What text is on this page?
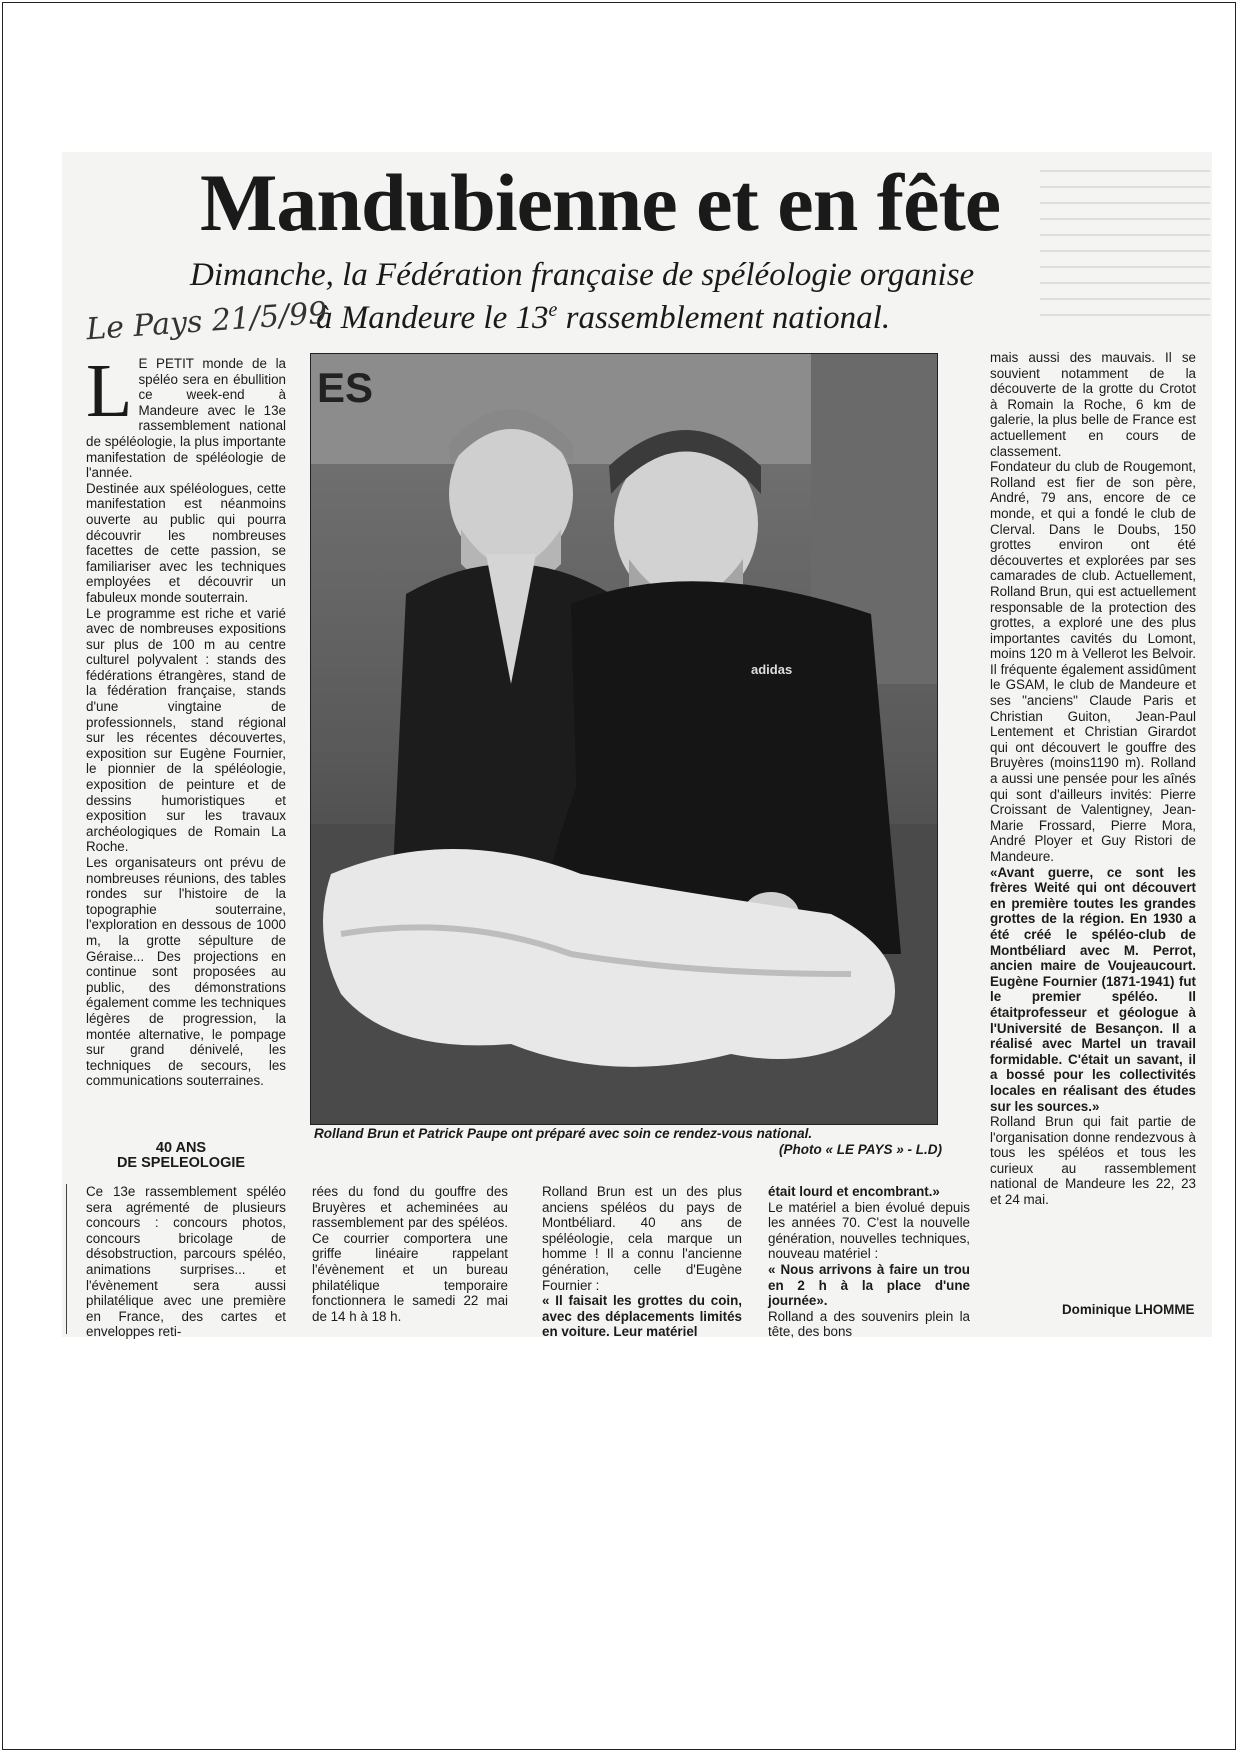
Mandubienne et en fête
Dimanche, la Fédération française de spéléologie organise
à Mandeure le 13e rassemblement national.
Le Pays 21/5/99
L E PETIT monde de la spéléo sera en ébullition ce week-end à Mandeure avec le 13e rassemblement national de spéléologie, la plus importante manifestation de spéléologie de l'année.

Destinée aux spéléologues, cette manifestation est néanmoins ouverte au public qui pourra découvrir les nombreuses facettes de cette passion, se familiariser avec les techniques employées et découvrir un fabuleux monde souterrain.

Le programme est riche et varié avec de nombreuses expositions sur plus de 100 m au centre culturel polyvalent : stands des fédérations étrangères, stand de la fédération française, stands d'une vingtaine de professionnels, stand régional sur les récentes découvertes, exposition sur Eugène Fournier, le pionnier de la spéléologie, exposition de peinture et de dessins humoristiques et exposition sur les travaux archéologiques de Romain La Roche.

Les organisateurs ont prévu de nombreuses réunions, des tables rondes sur l'histoire de la topographie souterraine, l'exploration en dessous de 1000 m, la grotte sépulture de Géraise... Des projections en continue sont proposées au public, des démonstrations également comme les techniques légères de progression, la montée alternative, le pompage sur grand dénivelé, les techniques de secours, les communications souterraines.

40 ANS
DE SPELEOLOGIE

Ce 13e rassemblement spéléo sera agrémenté de plusieurs concours : concours photos, concours bricolage de désobstruction, parcours spéléo, animations surprises... et l'évènement sera aussi philatélique avec une première en France, des cartes et enveloppes reti-

rées du fond du gouffre des Bruyères et acheminées au rassemblement par des spéléos. Ce courrier comportera une griffe linéaire rappelant l'évènement et un bureau philatélique temporaire fonctionnera le samedi 22 mai de 14 h à 18 h.

Rolland Brun est un des plus anciens spéléos du pays de Montbéliard. 40 ans de spéléologie, cela marque un homme ! Il a connu l'ancienne génération, celle d'Eugène Fournier :

« Il faisait les grottes du coin, avec des déplacements limités en voiture. Leur matériel

était lourd et encombrant.»

Le matériel a bien évolué depuis les années 70. C'est la nouvelle génération, nouvelles techniques, nouveau matériel :

« Nous arrivons à faire un trou en 2 h à la place d'une journée».

Rolland a des souvenirs plein la tête, des bons

mais aussi des mauvais. Il se souvient notamment de la découverte de la grotte du Crotot à Romain la Roche, 6 km de galerie, la plus belle de France est actuellement en cours de classement.

Fondateur du club de Rougemont, Rolland est fier de son père, André, 79 ans, encore de ce monde, et qui a fondé le club de Clerval. Dans le Doubs, 150 grottes environ ont été découvertes et explorées par ses camarades de club. Actuellement, Rolland Brun, qui est actuellement responsable de la protection des grottes, a exploré une des plus importantes cavités du Lomont, moins 120 m à Vellerot les Belvoir. Il fréquente également assidûment le GSAM, le club de Mandeure et ses "anciens" Claude Paris et Christian Guiton, Jean-Paul Lentement et Christian Girardot qui ont découvert le gouffre des Bruyères (moins1190 m). Rolland a aussi une pensée pour les aînés qui sont d'ailleurs invités: Pierre Croissant de Valentigney, Jean-Marie Frossard, Pierre Mora, André Ployer et Guy Ristori de Mandeure.

«Avant guerre, ce sont les frères Weité qui ont découvert en première toutes les grandes grottes de la région. En 1930 a été créé le spéléo-club de Montbéliard avec M. Perrot, ancien maire de Voujeaucourt. Eugène Fournier (1871-1941) fut le premier spéléo. Il étaitprofesseur et géologue à l'Université de Besançon. Il a réalisé avec Martel un travail formidable. C'était un savant, il a bossé pour les collectivités locales en réalisant des études sur les sources.»

Rolland Brun qui fait partie de l'organisation donne rendezvous à tous les spéléos et tous les curieux au rassemblement national de Mandeure les 22, 23 et 24 mai.

Dominique LHOMME
ES
adidas
Rolland Brun et Patrick Paupe ont préparé avec soin ce rendez-vous national.
(Photo « LE PAYS » - L.D)
